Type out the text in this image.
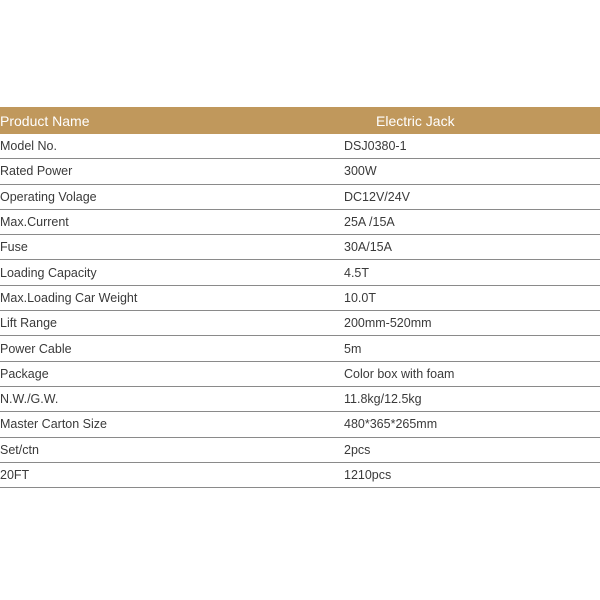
Product Name	Electric Jack
Model No.	DSJ0380-1
Rated Power	300W
Operating Volage	DC12V/24V
Max.Current	25A /15A
Fuse	30A/15A
Loading Capacity	4.5T
Max.Loading Car Weight	10.0T
Lift Range	200mm-520mm
Power Cable	5m
Package	Color box with foam
N.W./G.W.	11.8kg/12.5kg
Master Carton Size	480*365*265mm
Set/ctn	2pcs
20FT	1210pcs
